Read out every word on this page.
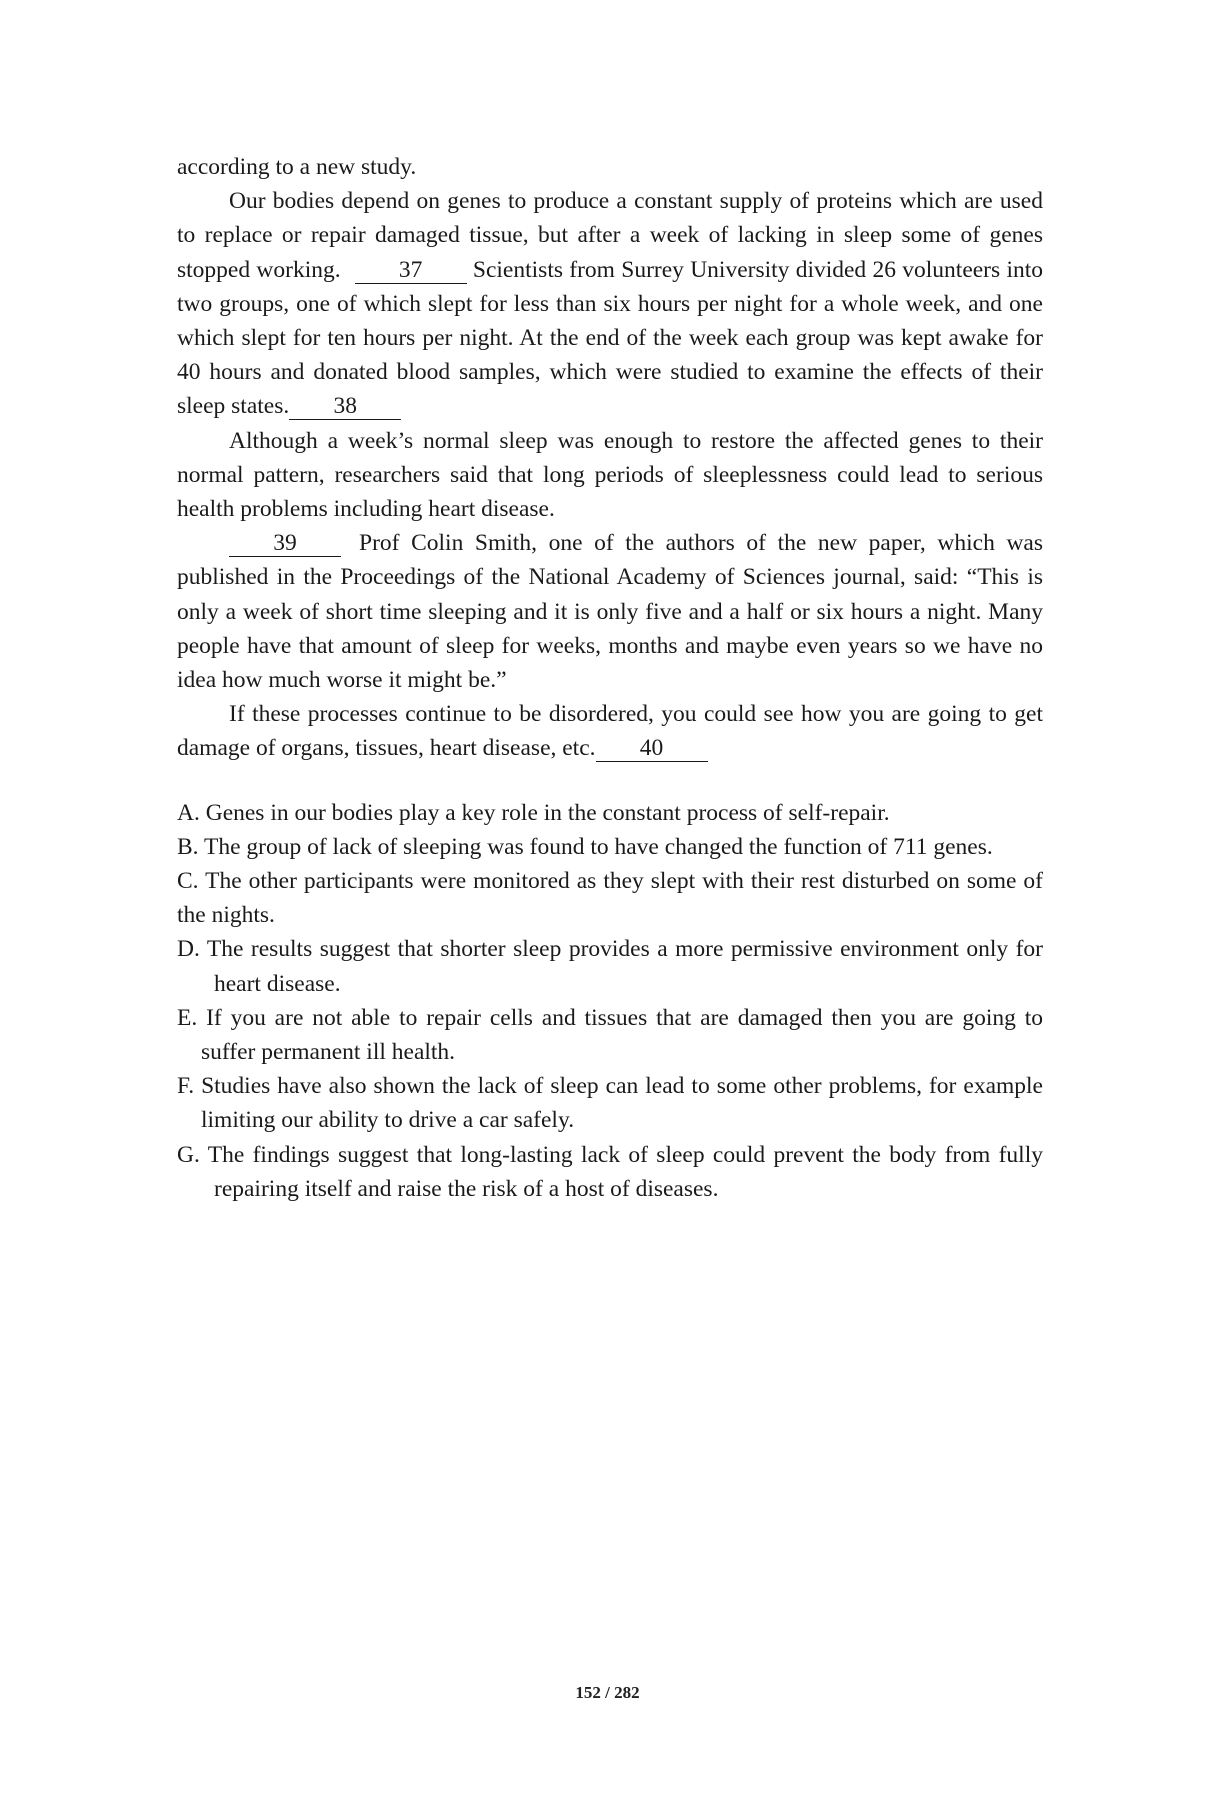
according to a new study.

Our bodies depend on genes to produce a constant supply of proteins which are used to replace or repair damaged tissue, but after a week of lacking in sleep some of genes stopped working. 37 Scientists from Surrey University divided 26 volunteers into two groups, one of which slept for less than six hours per night for a whole week, and one which slept for ten hours per night. At the end of the week each group was kept awake for 40 hours and donated blood samples, which were studied to examine the effects of their sleep states. 38

Although a week’s normal sleep was enough to restore the affected genes to their normal pattern, researchers said that long periods of sleeplessness could lead to serious health problems including heart disease.

39	Prof Colin Smith, one of the authors of the new paper, which was published in the Proceedings of the National Academy of Sciences journal, said: “This is only a week of short time sleeping and it is only five and a half or six hours a night. Many people have that amount of sleep for weeks, months and maybe even years so we have no idea how much worse it might be.”

If these processes continue to be disordered, you could see how you are going to get damage of organs, tissues, heart disease, etc. 40

A. Genes in our bodies play a key role in the constant process of self-repair.

B. The group of lack of sleeping was found to have changed the function of 711 genes.

C. The other participants were monitored as they slept with their rest disturbed on some of the nights.

D. The results suggest that shorter sleep provides a more permissive environment only for heart disease.

E. If you are not able to repair cells and tissues that are damaged then you are going to suffer permanent ill health.

F. Studies have also shown the lack of sleep can lead to some other problems, for example limiting our ability to drive a car safely.

G. The findings suggest that long-lasting lack of sleep could prevent the body from fully repairing itself and raise the risk of a host of diseases.

152 / 282
